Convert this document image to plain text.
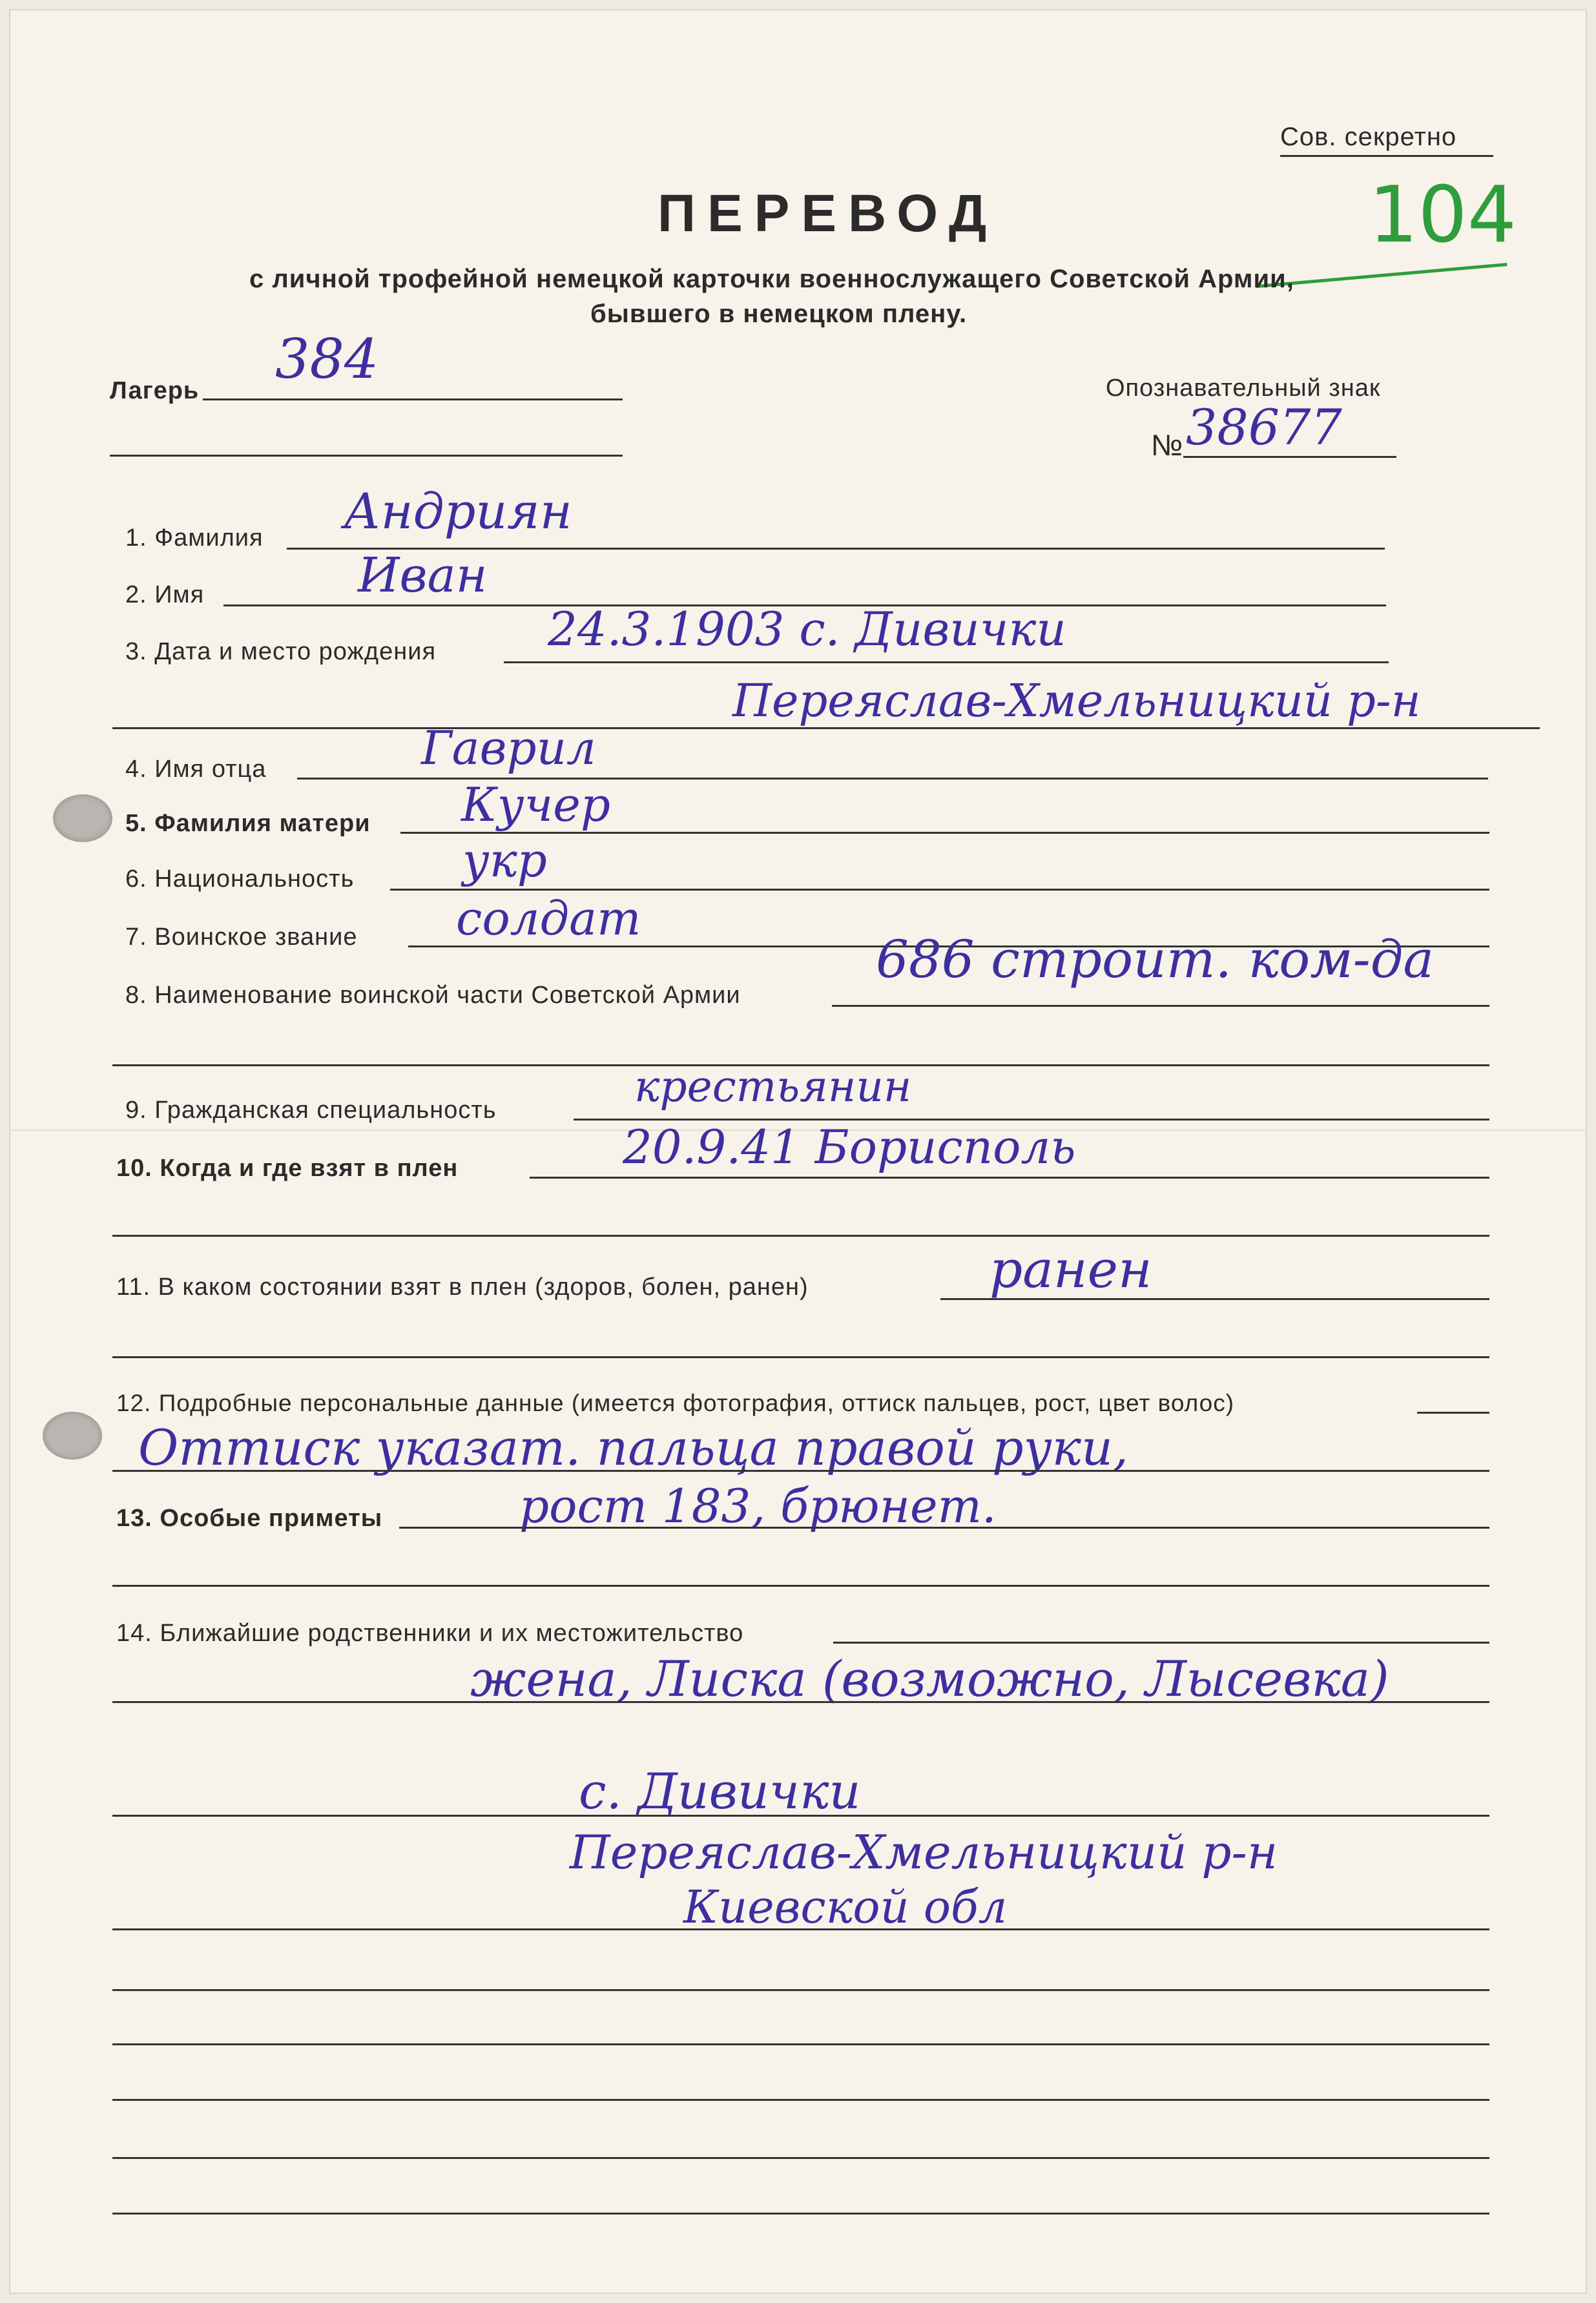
Сов. секретно
104
ПЕРЕВОД
с личной трофейной немецкой карточки военнослужащего Советской Армии,
бывшего в немецком плену.
Лагерь 384	Опознавательный знак
№ 38677
1. Фамилия Андриян
2. Имя	Иван
3. Дата и место рождения 24.3.1903 с. Дивички
Переяслав-Хмельницкий р-н
4. Имя отца	Гаврил
5. Фамилия матери Кучер
6. Национальность укр
7. Воинское звание солдат
8. Наименование воинской части Советской Армии
686 строит. ком-да
9. Гражданская специальность	крестьянин
10. Когда и где взят в плен	20.9.41 Борисполь
11. В каком состоянии взят в плен (здоров, болен, ранен)	ранен
12. Подробные персональные данные (имеется фотография, оттиск пальцев, рост, цвет волос)
Оттиск указат. пальца правой руки,
13. Особые приметы	рост 183, брюнет.
14. Ближайшие родственники и их местожительство
жена, Лиска (возможно, Лысевка)
с. Дивички
Переяслав-Хмельницкий р-н
Киевской обл
